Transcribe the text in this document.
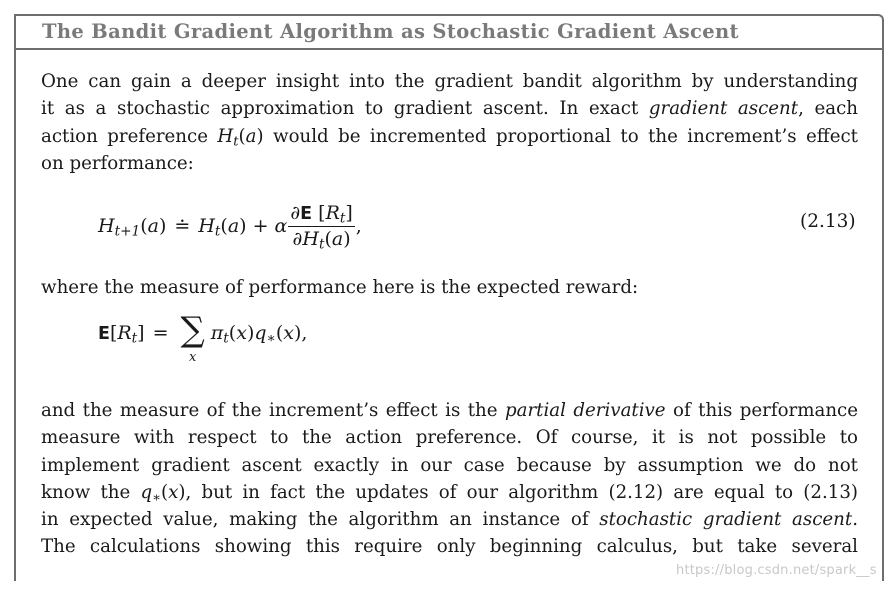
The Bandit Gradient Algorithm as Stochastic Gradient Ascent
One can gain a deeper insight into the gradient bandit algorithm by understanding
it as a stochastic approximation to gradient ascent. In exact gradient ascent, each
action preference $H_t(a)$ would be incremented proportional to the increment’s effect
on performance:
$H_{t+1}(a)$ ≐ $H_t(a) + \alpha \frac{\partial E [R_t]}{\partial H_t(a)}$ ,	(2.13)
where the measure of performance here is the expected reward:
$E[R_t]$ = ∑
x
$\pi_t(x)q_∗(x)$,
and the measure of the increment’s effect is the partial derivative of this performance
measure with respect to the action preference. Of course, it is not possible to
implement gradient ascent exactly in our case because by assumption we do not
know the $q_∗(x)$, but in fact the updates of our algorithm (2.12) are equal to (2.13)
in expected value, making the algorithm an instance of stochastic gradient ascent.
The calculations showing this require only beginning calculus, but take several
https://blog.csdn.net/spark__s
